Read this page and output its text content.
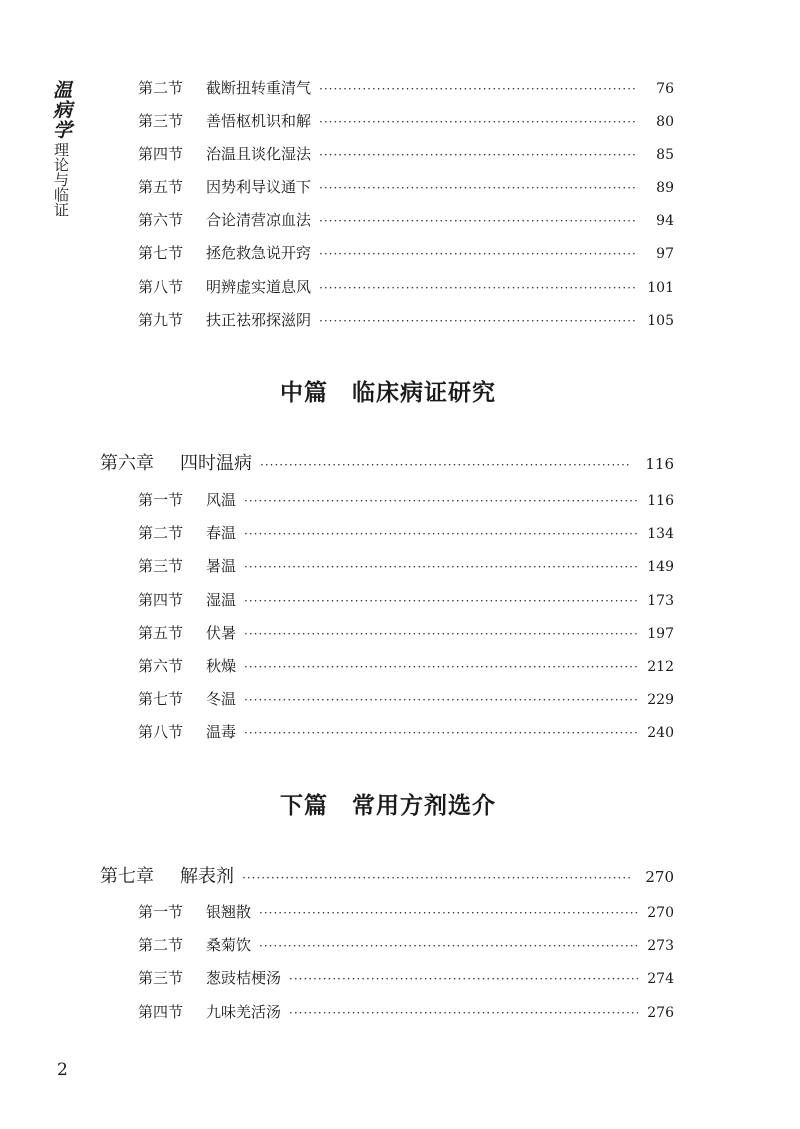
温病学
理论与临证
第二节	截断扭转重清气 ·····	76
第三节	善悟枢机识和解 ·····	80
第四节	治温且谈化湿法 ·····	85
第五节	因势利导议通下 ·····	89
第六节	合论清营凉血法 ·····	94
第七节	拯危救急说开窍 ·····	97
第八节	明辨虚实道息风 ·····	101
第九节	扶正祛邪探滋阴 ·····	105
中篇　临床病证研究
第六章	四时温病 ·····	116
第一节	风温 ·····	116
第二节	春温 ·····	134
第三节	暑温 ·····	149
第四节	湿温 ·····	173
第五节	伏暑 ·····	197
第六节	秋燥 ·····	212
第七节	冬温 ·····	229
第八节	温毒 ·····	240
下篇　常用方剂选介
第七章	解表剂 ·····	270
第一节	银翘散 ·····	270
第二节	桑菊饮 ·····	273
第三节	葱豉桔梗汤 ·····	274
第四节	九味羌活汤 ·····	276
2
